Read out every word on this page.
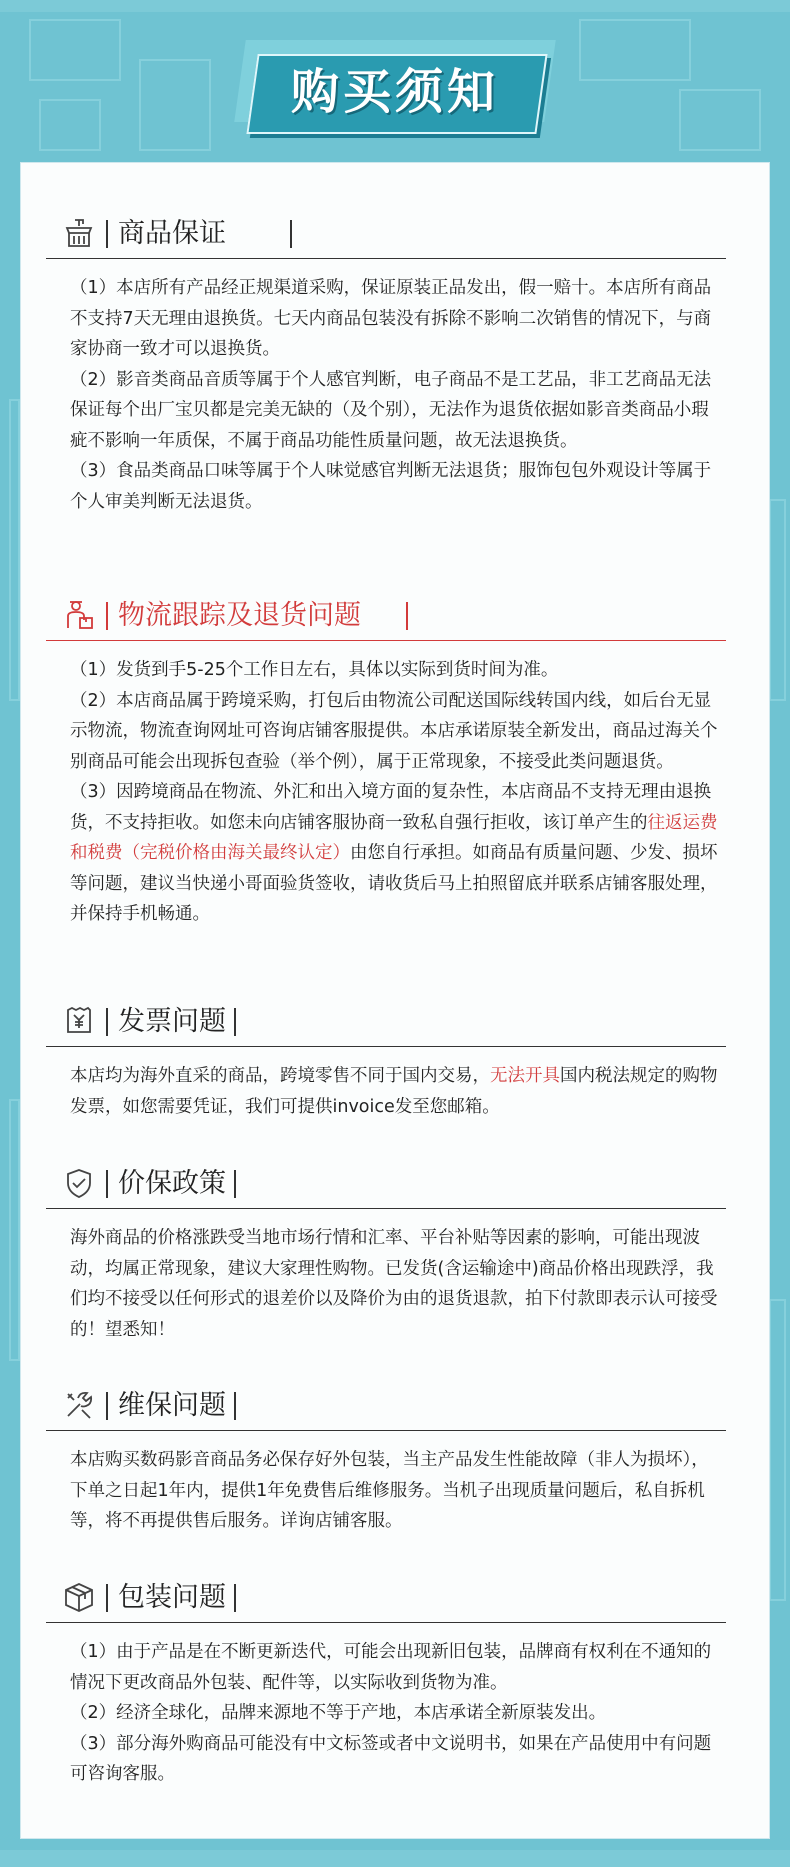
购买须知
商品保证

（1）本店所有产品经正规渠道采购，保证原装正品发出，假一赔十。本店所有商品不支持7天无理由退换货。七天内商品包装没有拆除不影响二次销售的情况下，与商家协商一致才可以退换货。

（2）影音类商品音质等属于个人感官判断，电子商品不是工艺品，非工艺商品无法保证每个出厂宝贝都是完美无缺的（及个别），无法作为退货依据如影音类商品小瑕疵不影响一年质保，不属于商品功能性质量问题，故无法退换货。

（3）食品类商品口味等属于个人味觉感官判断无法退货；服饰包包外观设计等属于个人审美判断无法退货。

物流跟踪及退货问题

（1）发货到手5-25个工作日左右，具体以实际到货时间为准。

（2）本店商品属于跨境采购，打包后由物流公司配送国际线转国内线，如后台无显示物流，物流查询网址可咨询店铺客服提供。本店承诺原装全新发出，商品过海关个别商品可能会出现拆包查验（举个例），属于正常现象，不接受此类问题退货。

（3）因跨境商品在物流、外汇和出入境方面的复杂性，本店商品不支持无理由退换货，不支持拒收。如您未向店铺客服协商一致私自强行拒收，该订单产生的往返运费和税费（完税价格由海关最终认定）由您自行承担。如商品有质量问题、少发、损坏等问题，建议当快递小哥面验货签收，请收货后马上拍照留底并联系店铺客服处理，并保持手机畅通。

发票问题

本店均为海外直采的商品，跨境零售不同于国内交易，无法开具国内税法规定的购物发票，如您需要凭证，我们可提供invoice发至您邮箱。

价保政策

海外商品的价格涨跌受当地市场行情和汇率、平台补贴等因素的影响，可能出现波动，均属正常现象，建议大家理性购物。已发货(含运输途中)商品价格出现跌浮，我们均不接受以任何形式的退差价以及降价为由的退货退款，拍下付款即表示认可接受的！望悉知！

维保问题

本店购买数码影音商品务必保存好外包装，当主产品发生性能故障（非人为损坏），下单之日起1年内，提供1年免费售后维修服务。当机子出现质量问题后，私自拆机等，将不再提供售后服务。详询店铺客服。

包装问题

（1）由于产品是在不断更新迭代，可能会出现新旧包装，品牌商有权利在不通知的情况下更改商品外包装、配件等，以实际收到货物为准。

（2）经济全球化，品牌来源地不等于产地，本店承诺全新原装发出。

（3）部分海外购商品可能没有中文标签或者中文说明书，如果在产品使用中有问题可咨询客服。
